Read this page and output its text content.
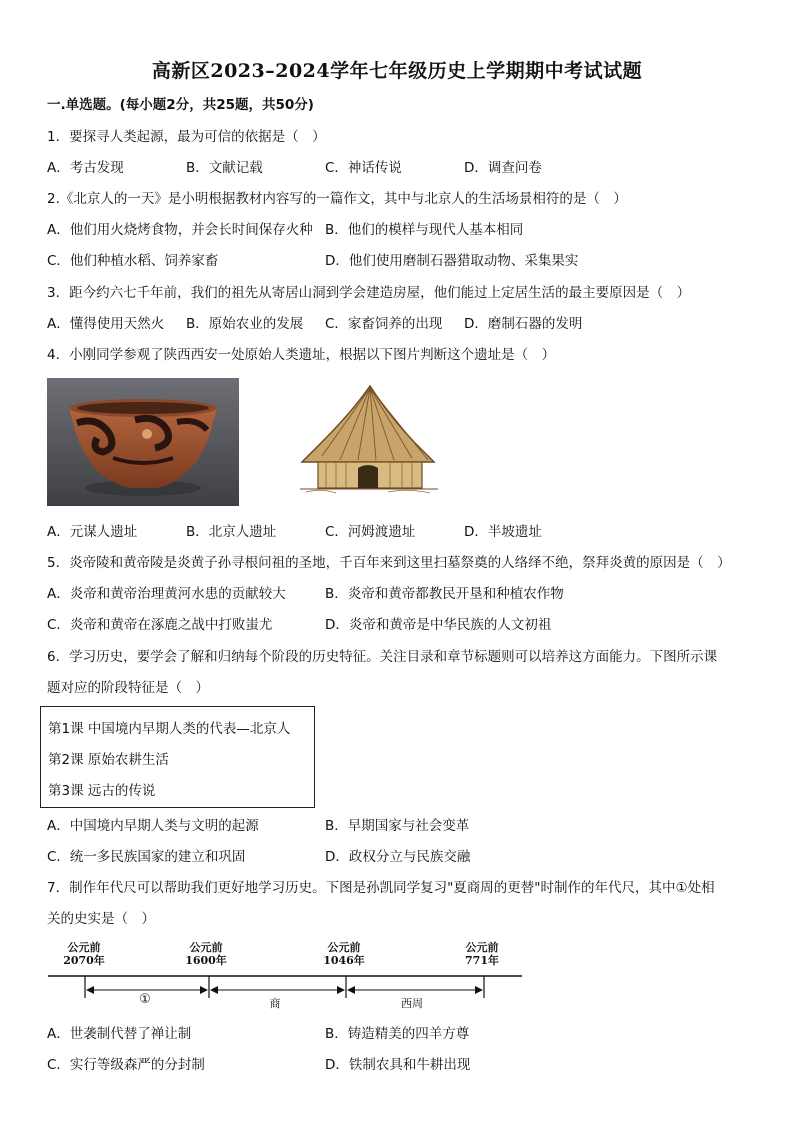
高新区2023–2024学年七年级历史上学期期中考试试题
一.单选题。(每小题2分，共25题，共50分)
1．要探寻人类起源，最为可信的依据是（　）
A．考古发现	B．文献记载	C．神话传说	D．调查问卷
2.《北京人的一天》是小明根据教材内容写的一篇作文，其中与北京人的生活场景相符的是（　）
A．他们用火烧烤食物，并会长时间保存火种 B．他们的模样与现代人基本相同
C．他们种植水稻、饲养家畜	D．他们使用磨制石器猎取动物、采集果实
3．距今约六七千年前，我们的祖先从寄居山洞到学会建造房屋，他们能过上定居生活的最主要原因是（　）
A．懂得使用天然火 B．原始农业的发展 C．家畜饲养的出现 D．磨制石器的发明
4．小刚同学参观了陕西西安一处原始人类遗址，根据以下图片判断这个遗址是（　）
A．元谋人遗址	B．北京人遗址	C．河姆渡遗址	D．半坡遗址
5．炎帝陵和黄帝陵是炎黄子孙寻根问祖的圣地，千百年来到这里扫墓祭奠的人络绎不绝，祭拜炎黄的原因是（　）
A．炎帝和黄帝治理黄河水患的贡献较大	B．炎帝和黄帝都教民开垦和种植农作物
C．炎帝和黄帝在涿鹿之战中打败蚩尤	D．炎帝和黄帝是中华民族的人文初祖
6．学习历史，要学会了解和归纳每个阶段的历史特征。关注目录和章节标题则可以培养这方面能力。下图所示课
题对应的阶段特征是（　）
第1课 中国境内早期人类的代表—北京人
第2课 原始农耕生活
第3课 远古的传说
A．中国境内早期人类与文明的起源	B．早期国家与社会变革
C．统一多民族国家的建立和巩固	D．政权分立与民族交融
7．制作年代尺可以帮助我们更好地学习历史。下图是孙凯同学复习"夏商周的更替"时制作的年代尺，其中①处相
关的史实是（　）
公元前
2070年
公元前
1600年
公元前
1046年
公元前
771年
①	商	西周
A．世袭制代替了禅让制	B．铸造精美的四羊方尊
C．实行等级森严的分封制	D．铁制农具和牛耕出现
